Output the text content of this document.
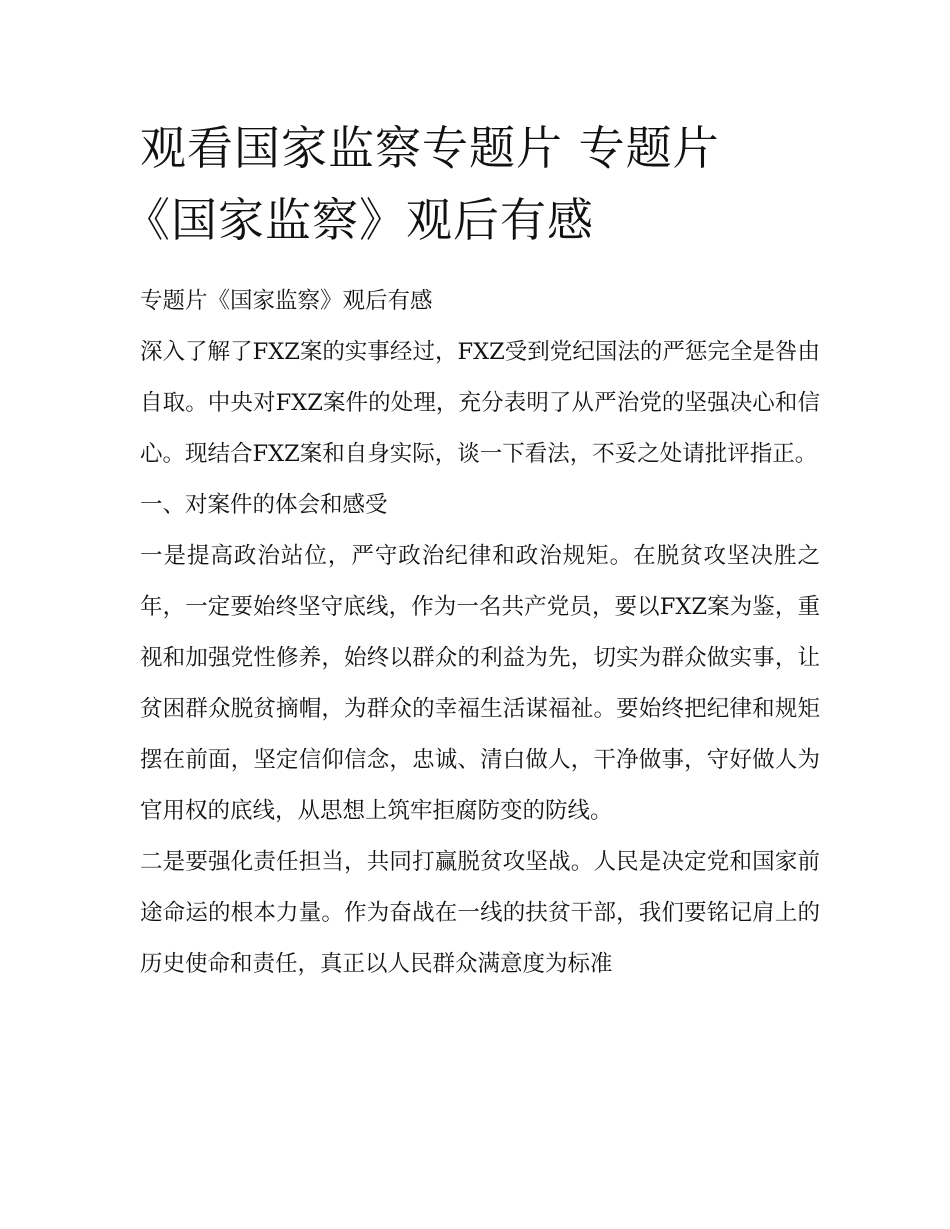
观看国家监察专题片 专题片
《国家监察》观后有感

专题片《国家监察》观后有感

深入了解了FXZ案的实事经过，FXZ受到党纪国法的严惩完全是咎由自取。中央对FXZ案件的处理，充分表明了从严治党的坚强决心和信心。现结合FXZ案和自身实际，谈一下看法，不妥之处请批评指正。

一、对案件的体会和感受

一是提高政治站位，严守政治纪律和政治规矩。在脱贫攻坚决胜之年，一定要始终坚守底线，作为一名共产党员，要以FXZ案为鉴，重视和加强党性修养，始终以群众的利益为先，切实为群众做实事，让贫困群众脱贫摘帽，为群众的幸福生活谋福祉。要始终把纪律和规矩摆在前面，坚定信仰信念，忠诚、清白做人，干净做事，守好做人为官用权的底线，从思想上筑牢拒腐防变的防线。

二是要强化责任担当，共同打赢脱贫攻坚战。人民是决定党和国家前途命运的根本力量。作为奋战在一线的扶贫干部，我们要铭记肩上的历史使命和责任，真正以人民群众满意度为标准
